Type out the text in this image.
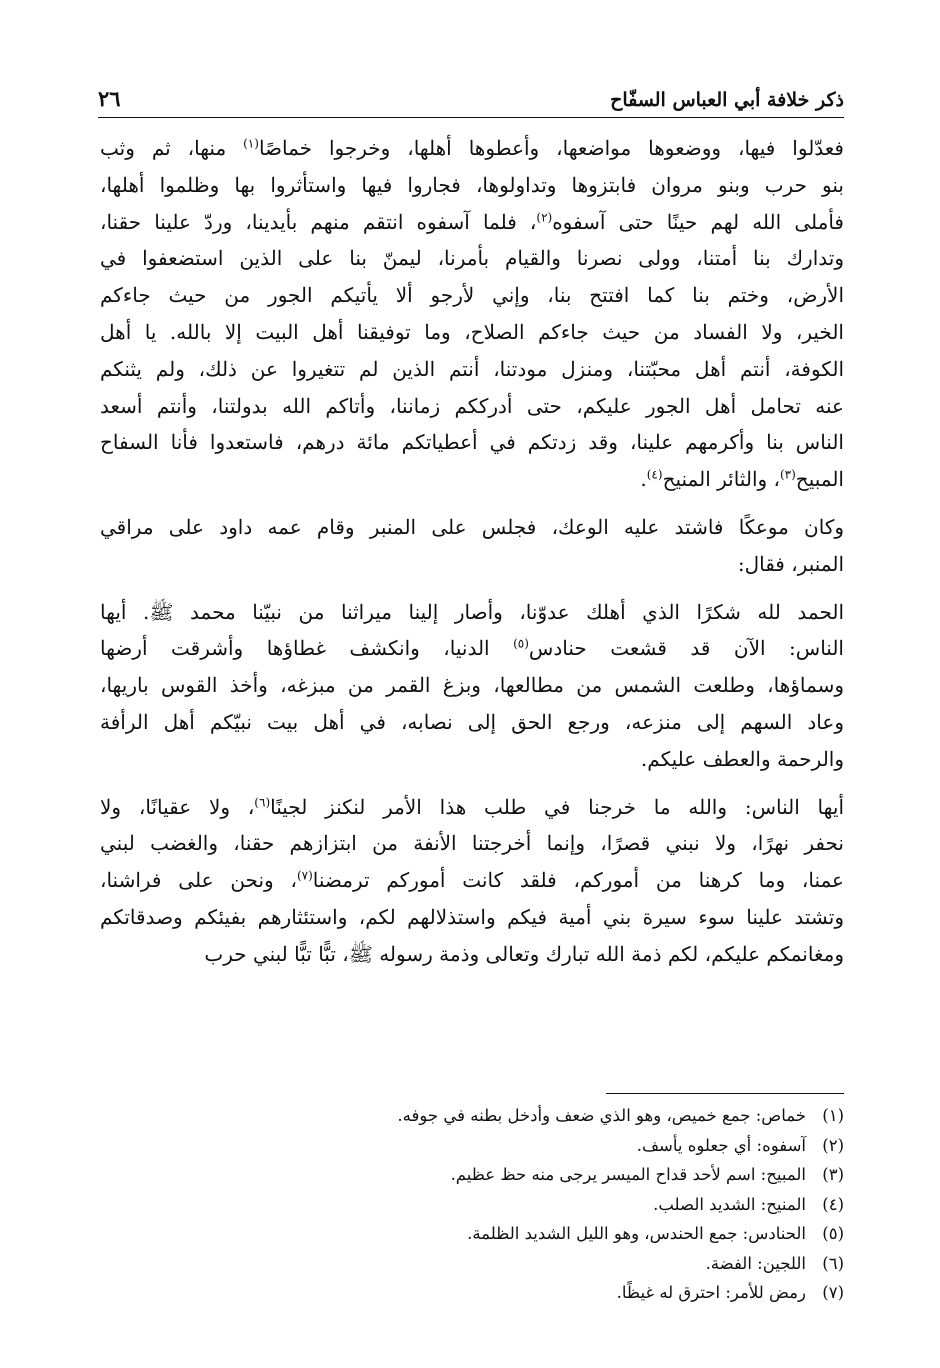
ذكر خلافة أبي العباس السفّاح
٢٦

فعدّلوا فيها، ووضعوها مواضعها، وأعطوها أهلها، وخرجوا خماصًا$^{(١)}$ منها، ثم وثب
بنو حرب وبنو مروان فابتزوها وتداولوها، فجاروا فيها واستأثروا بها وظلموا أهلها،
فأملى الله لهم حينًا حتى آسفوه$^{(٢)}$، فلما آسفوه انتقم منهم بأيدينا، وردّ علينا حقنا،
وتدارك بنا أمتنا، وولى نصرنا والقيام بأمرنا، ليمنّ بنا على الذين استضعفوا في
الأرض، وختم بنا كما افتتح بنا، وإني لأرجو ألا يأتيكم الجور من حيث جاءكم
الخير، ولا الفساد من حيث جاءكم الصلاح، وما توفيقنا أهل البيت إلا بالله. يا أهل
الكوفة، أنتم أهل محبّتنا، ومنزل مودتنا، أنتم الذين لم تتغيروا عن ذلك، ولم يثنكم
عنه تحامل أهل الجور عليكم، حتى أدرككم زماننا، وأتاكم الله بدولتنا، وأنتم أسعد
الناس بنا وأكرمهم علينا، وقد زدتكم في أعطياتكم مائة درهم، فاستعدوا فأنا السفاح
المبيح$^{(٣)}$، والثائر المنيح$^{(٤)}$.

وكان موعكًا فاشتد عليه الوعك، فجلس على المنبر وقام عمه داود على مراقي
المنبر، فقال:

الحمد لله شكرًا الذي أهلك عدوّنا، وأصار إلينا ميراثنا من نبيّنا محمد ﷺ. أيها
الناس: الآن قد قشعت حنادس$^{(٥)}$ الدنيا، وانكشف غطاؤها وأشرقت أرضها
وسماؤها، وطلعت الشمس من مطالعها، وبزغ القمر من مبزغه، وأخذ القوس باريها،
وعاد السهم إلى منزعه، ورجع الحق إلى نصابه، في أهل بيت نبيّكم أهل الرأفة
والرحمة والعطف عليكم.

أيها الناس: والله ما خرجنا في طلب هذا الأمر لنكنز لجينًا$^{(٦)}$، ولا عقيانًا، ولا
نحفر نهرًا، ولا نبني قصرًا، وإنما أخرجتنا الأنفة من ابتزازهم حقنا، والغضب لبني
عمنا، وما كرهنا من أموركم، فلقد كانت أموركم ترمضنا$^{(٧)}$، ونحن على فراشنا،
وتشتد علينا سوء سيرة بني أمية فيكم واستذلالهم لكم، واستئثارهم بفيئكم وصدقاتكم
ومغانمكم عليكم، لكم ذمة الله تبارك وتعالى وذمة رسوله ﷺ، تبًّا تبًّا لبني حرب

(١)
خماص: جمع خميص، وهو الذي ضعف وأدخل بطنه في جوفه.
(٢)
آسفوه: أي جعلوه يأسف.
(٣)
المبيح: اسم لأحد قداح الميسر يرجى منه حظ عظيم.
(٤)
المنيح: الشديد الصلب.
(٥)
الحنادس: جمع الحندس، وهو الليل الشديد الظلمة.
(٦)
اللجين: الفضة.
(٧)
رمض للأمر: احترق له غيظًا.
